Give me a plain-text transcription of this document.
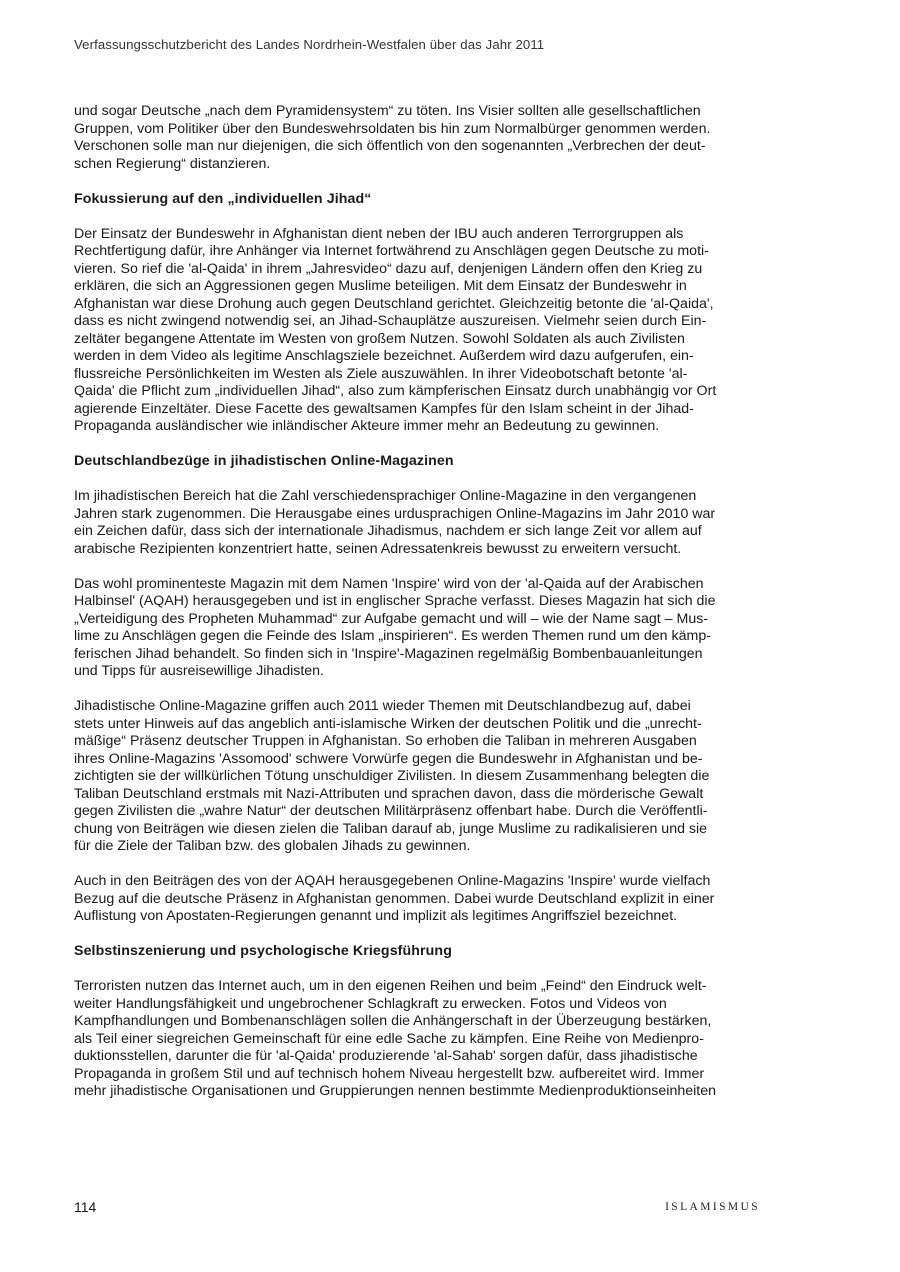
Verfassungsschutzbericht des Landes Nordrhein-Westfalen über das Jahr 2011

und sogar Deutsche „nach dem Pyramidensystem“ zu töten. Ins Visier sollten alle gesellschaftlichen
Gruppen, vom Politiker über den Bundeswehrsoldaten bis hin zum Normalbürger genommen werden.
Verschonen solle man nur diejenigen, die sich öffentlich von den sogenannten „Verbrechen der deut-
schen Regierung“ distanzieren.

Fokussierung auf den „individuellen Jihad“

Der Einsatz der Bundeswehr in Afghanistan dient neben der IBU auch anderen Terrorgruppen als
Rechtfertigung dafür, ihre Anhänger via Internet fortwährend zu Anschlägen gegen Deutsche zu moti-
vieren. So rief die 'al-Qaida' in ihrem „Jahresvideo“ dazu auf, denjenigen Ländern offen den Krieg zu
erklären, die sich an Aggressionen gegen Muslime beteiligen. Mit dem Einsatz der Bundeswehr in
Afghanistan war diese Drohung auch gegen Deutschland gerichtet. Gleichzeitig betonte die 'al-Qaida',
dass es nicht zwingend notwendig sei, an Jihad-Schauplätze auszureisen. Vielmehr seien durch Ein-
zeltäter begangene Attentate im Westen von großem Nutzen. Sowohl Soldaten als auch Zivilisten
werden in dem Video als legitime Anschlagsziele bezeichnet. Außerdem wird dazu aufgerufen, ein-
flussreiche Persönlichkeiten im Westen als Ziele auszuwählen. In ihrer Videobotschaft betonte 'al-
Qaida' die Pflicht zum „individuellen Jihad“, also zum kämpferischen Einsatz durch unabhängig vor Ort
agierende Einzeltäter. Diese Facette des gewaltsamen Kampfes für den Islam scheint in der Jihad-
Propaganda ausländischer wie inländischer Akteure immer mehr an Bedeutung zu gewinnen.

Deutschlandbezüge in jihadistischen Online-Magazinen

Im jihadistischen Bereich hat die Zahl verschiedensprachiger Online-Magazine in den vergangenen
Jahren stark zugenommen. Die Herausgabe eines urdusprachigen Online-Magazins im Jahr 2010 war
ein Zeichen dafür, dass sich der internationale Jihadismus, nachdem er sich lange Zeit vor allem auf
arabische Rezipienten konzentriert hatte, seinen Adressatenkreis bewusst zu erweitern versucht.

Das wohl prominenteste Magazin mit dem Namen 'Inspire' wird von der 'al-Qaida auf der Arabischen
Halbinsel' (AQAH) herausgegeben und ist in englischer Sprache verfasst. Dieses Magazin hat sich die
„Verteidigung des Propheten Muhammad“ zur Aufgabe gemacht und will – wie der Name sagt – Mus-
lime zu Anschlägen gegen die Feinde des Islam „inspirieren“. Es werden Themen rund um den kämp-
ferischen Jihad behandelt. So finden sich in 'Inspire'-Magazinen regelmäßig Bombenbauanleitungen
und Tipps für ausreisewillige Jihadisten.

Jihadistische Online-Magazine griffen auch 2011 wieder Themen mit Deutschlandbezug auf, dabei
stets unter Hinweis auf das angeblich anti-islamische Wirken der deutschen Politik und die „unrecht-
mäßige“ Präsenz deutscher Truppen in Afghanistan. So erhoben die Taliban in mehreren Ausgaben
ihres Online-Magazins 'Assomood' schwere Vorwürfe gegen die Bundeswehr in Afghanistan und be-
zichtigten sie der willkürlichen Tötung unschuldiger Zivilisten. In diesem Zusammenhang belegten die
Taliban Deutschland erstmals mit Nazi-Attributen und sprachen davon, dass die mörderische Gewalt
gegen Zivilisten die „wahre Natur“ der deutschen Militärpräsenz offenbart habe. Durch die Veröffentli-
chung von Beiträgen wie diesen zielen die Taliban darauf ab, junge Muslime zu radikalisieren und sie
für die Ziele der Taliban bzw. des globalen Jihads zu gewinnen.

Auch in den Beiträgen des von der AQAH herausgegebenen Online-Magazins 'Inspire' wurde vielfach
Bezug auf die deutsche Präsenz in Afghanistan genommen. Dabei wurde Deutschland explizit in einer
Auflistung von Apostaten-Regierungen genannt und implizit als legitimes Angriffsziel bezeichnet.

Selbstinszenierung und psychologische Kriegsführung

Terroristen nutzen das Internet auch, um in den eigenen Reihen und beim „Feind“ den Eindruck welt-
weiter Handlungsfähigkeit und ungebrochener Schlagkraft zu erwecken. Fotos und Videos von
Kampfhandlungen und Bombenanschlägen sollen die Anhängerschaft in der Überzeugung bestärken,
als Teil einer siegreichen Gemeinschaft für eine edle Sache zu kämpfen. Eine Reihe von Medienpro-
duktionsstellen, darunter die für 'al-Qaida' produzierende 'al-Sahab' sorgen dafür, dass jihadistische
Propaganda in großem Stil und auf technisch hohem Niveau hergestellt bzw. aufbereitet wird. Immer
mehr jihadistische Organisationen und Gruppierungen nennen bestimmte Medienproduktionseinheiten

114	ISLAMISMUS
